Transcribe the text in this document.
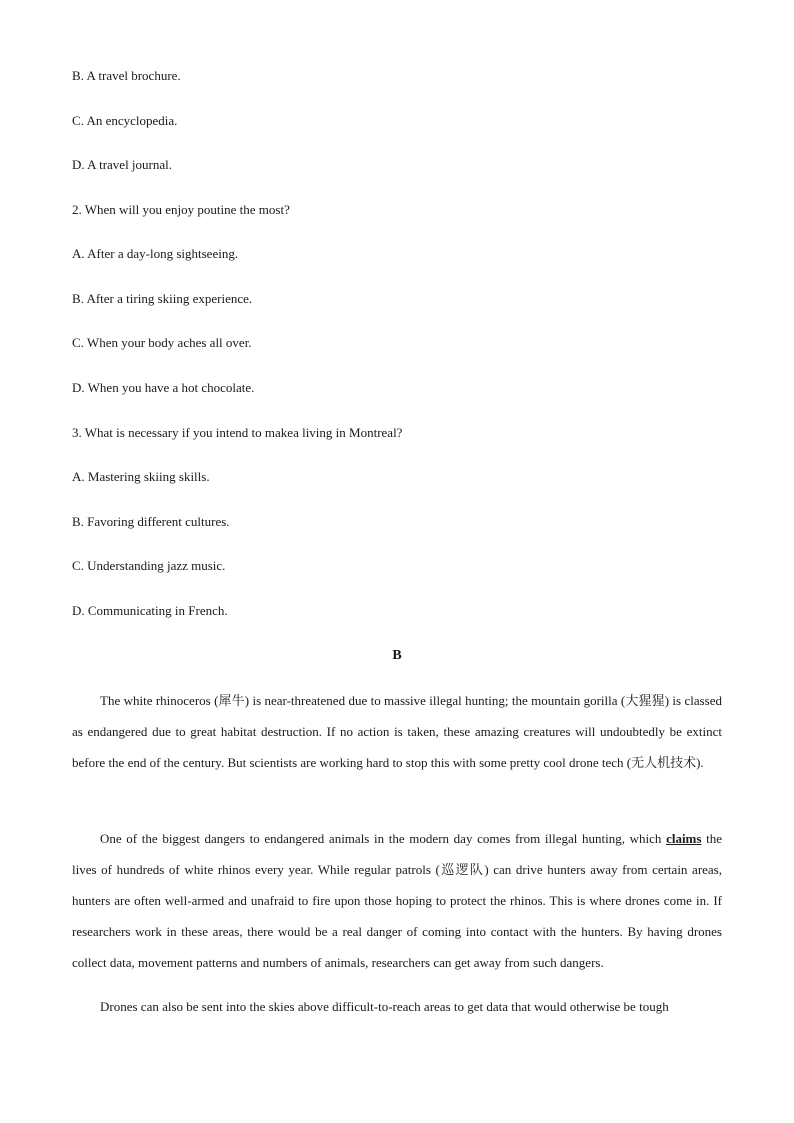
B. A travel brochure.
C. An encyclopedia.
D. A travel journal.
2. When will you enjoy poutine the most?
A. After a day-long sightseeing.
B. After a tiring skiing experience.
C. When your body aches all over.
D. When you have a hot chocolate.
3. What is necessary if you intend to makea living in Montreal?
A. Mastering skiing skills.
B. Favoring different cultures.
C. Understanding jazz music.
D. Communicating in French.
B

The white rhinoceros (犀牛) is near-threatened due to massive illegal hunting; the mountain gorilla (大猩猩) is classed as endangered due to great habitat destruction. If no action is taken, these amazing creatures will undoubtedly be extinct before the end of the century. But scientists are working hard to stop this with some pretty cool drone tech (无人机技术).

One of the biggest dangers to endangered animals in the modern day comes from illegal hunting, which claims the lives of hundreds of white rhinos every year. While regular patrols (巡逻队) can drive hunters away from certain areas, hunters are often well-armed and unafraid to fire upon those hoping to protect the rhinos. This is where drones come in. If researchers work in these areas, there would be a real danger of coming into contact with the hunters. By having drones collect data, movement patterns and numbers of animals, researchers can get away from such dangers.

Drones can also be sent into the skies above difficult-to-reach areas to get data that would otherwise be tough
